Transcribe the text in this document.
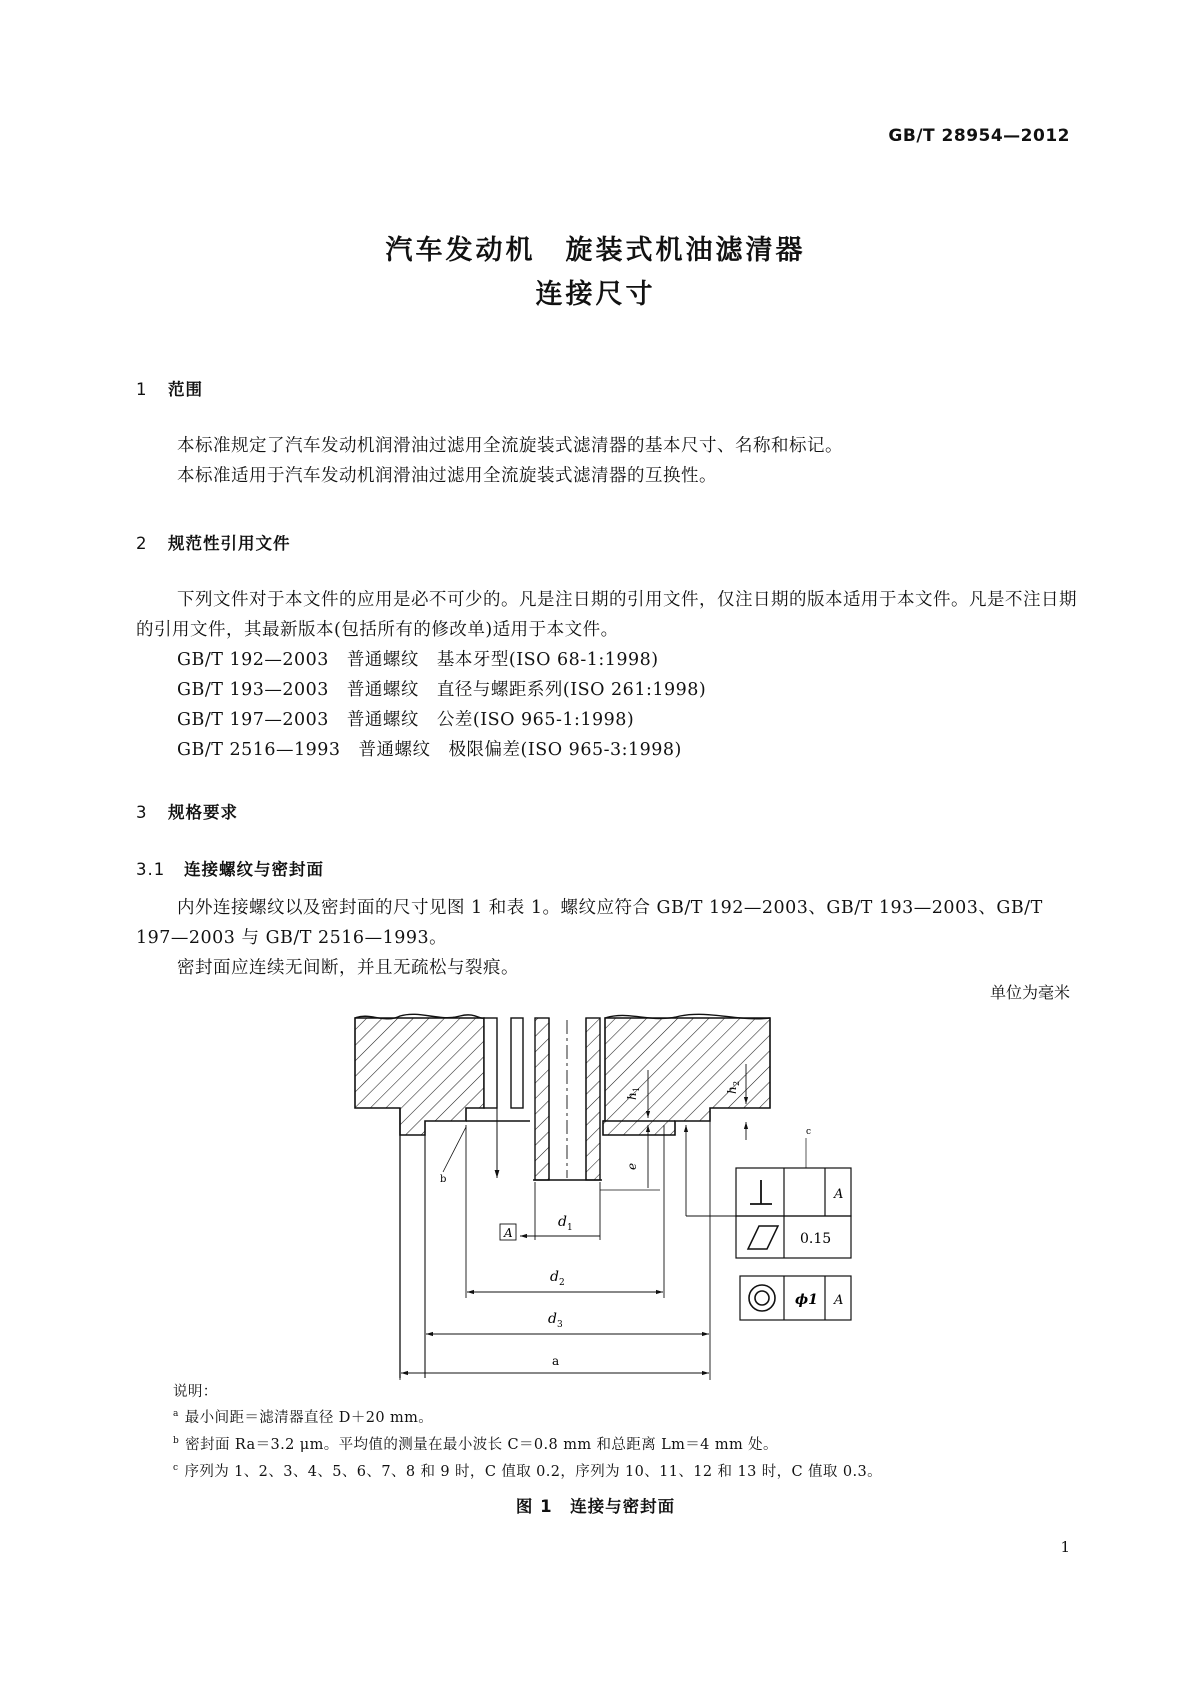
GB/T 28954—2012
汽车发动机　旋装式机油滤清器
连接尺寸
1 范围
本标准规定了汽车发动机润滑油过滤用全流旋装式滤清器的基本尺寸、名称和标记。
本标准适用于汽车发动机润滑油过滤用全流旋装式滤清器的互换性。
2 规范性引用文件
下列文件对于本文件的应用是必不可少的。凡是注日期的引用文件，仅注日期的版本适用于本文件。凡是不注日期的引用文件，其最新版本(包括所有的修改单)适用于本文件。
GB/T 192—2003　普通螺纹　基本牙型(ISO 68-1:1998)
GB/T 193—2003　普通螺纹　直径与螺距系列(ISO 261:1998)
GB/T 197—2003　普通螺纹　公差(ISO 965-1:1998)
GB/T 2516—1993　普通螺纹　极限偏差(ISO 965-3:1998)
3 规格要求
3.1 连接螺纹与密封面
内外连接螺纹以及密封面的尺寸见图 1 和表 1。螺纹应符合 GB/T 192—2003、GB/T 193—2003、GB/T 197—2003 与 GB/T 2516—1993。
密封面应连续无间断，并且无疏松与裂痕。
单位为毫米
d 1
A
d 2
d 3
a
b
e
h
1	h
2
c
A
0.15
ϕ1 A
说明：
$^a$ 最小间距＝滤清器直径 D＋20 mm。
$^b$ 密封面 Ra＝3.2 μm。平均值的测量在最小波长 C＝0.8 mm 和总距离 Lm＝4 mm 处。
$^c$ 序列为 1、2、3、4、5、6、7、8 和 9 时，C 值取 0.2，序列为 10、11、12 和 13 时，C 值取 0.3。
图 1　连接与密封面
1
